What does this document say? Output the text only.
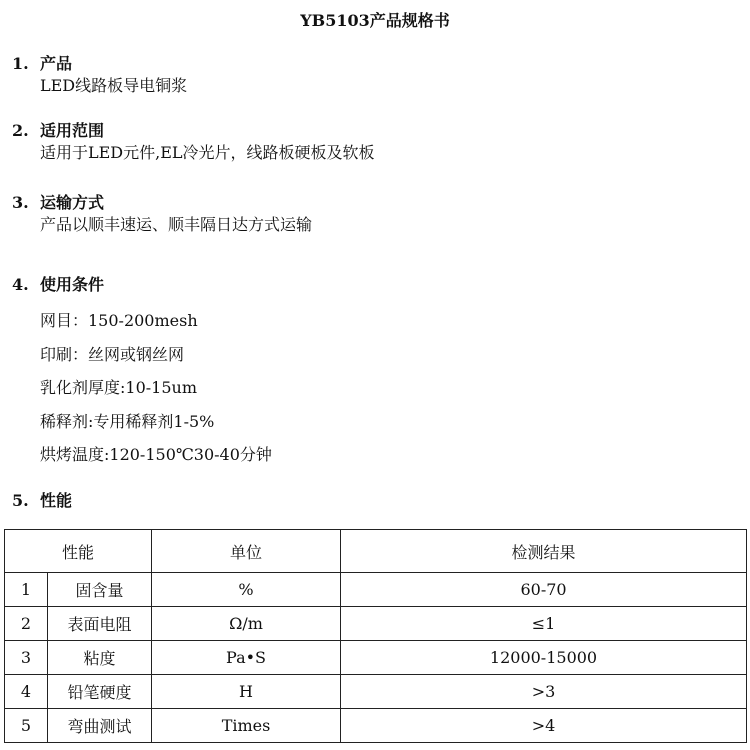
YB5103产品规格书
1. 产品
LED线路板导电铜浆
2. 适用范围
适用于LED元件,EL冷光片，线路板硬板及软板
3. 运输方式
产品以顺丰速运、顺丰隔日达方式运输
4. 使用条件
网目：150-200mesh
印刷：丝网或钢丝网
乳化剂厚度:10-15um
稀释剂:专用稀释剂1-5%
烘烤温度:120-150℃30-40分钟
5. 性能
性能		单位	检测结果
1	固含量	%	60-70
2	表面电阻	Ω/m	≤1
3	粘度	Pa•S	12000-15000
4	铅笔硬度	H	>3
5	弯曲测试	Times	>4
